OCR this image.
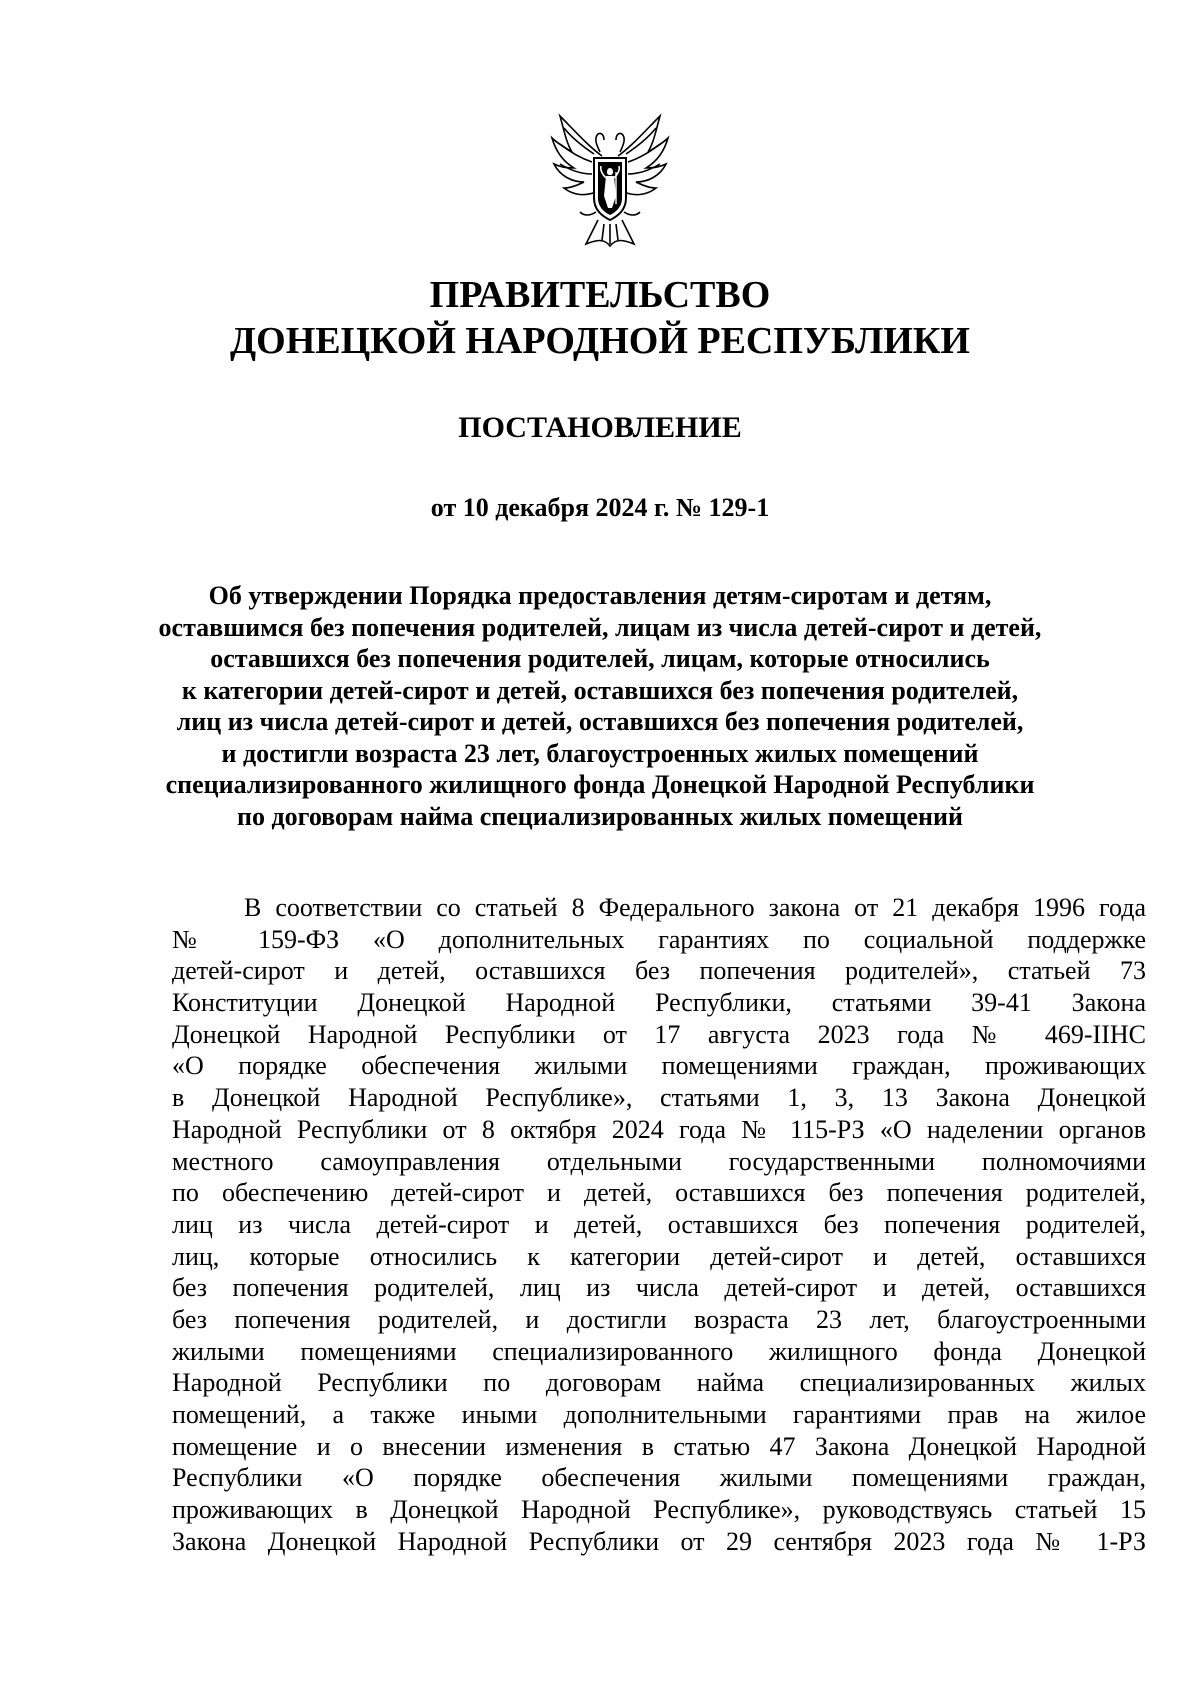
ПРАВИТЕЛЬСТВО
ДОНЕЦКОЙ НАРОДНОЙ РЕСПУБЛИКИ
ПОСТАНОВЛЕНИЕ

от 10 декабря 2024 г. № 129-1

Об утверждении Порядка предоставления детям-сиротам и детям,
оставшимся без попечения родителей, лицам из числа детей-сирот и детей,
оставшихся без попечения родителей, лицам, которые относились
к категории детей-сирот и детей, оставшихся без попечения родителей,
лиц из числа детей-сирот и детей, оставшихся без попечения родителей,
и достигли возраста 23 лет, благоустроенных жилых помещений
специализированного жилищного фонда Донецкой Народной Республики
по договорам найма специализированных жилых помещений

В соответствии со статьей 8 Федерального закона от 21 декабря 1996 года
№ 159-ФЗ «О дополнительных гарантиях по социальной поддержке
детей-сирот и детей, оставшихся без попечения родителей», статьей 73
Конституции Донецкой Народной Республики, статьями 39-41 Закона
Донецкой Народной Республики от 17 августа 2023 года № 469-IIНС
«О порядке обеспечения жилыми помещениями граждан, проживающих
в Донецкой Народной Республике», статьями 1, 3, 13 Закона Донецкой
Народной Республики от 8 октября 2024 года № 115-РЗ «О наделении органов
местного самоуправления отдельными государственными полномочиями
по обеспечению детей-сирот и детей, оставшихся без попечения родителей,
лиц из числа детей-сирот и детей, оставшихся без попечения родителей,
лиц, которые относились к категории детей-сирот и детей, оставшихся
без попечения родителей, лиц из числа детей-сирот и детей, оставшихся
без попечения родителей, и достигли возраста 23 лет, благоустроенными
жилыми помещениями специализированного жилищного фонда Донецкой
Народной Республики по договорам найма специализированных жилых
помещений, а также иными дополнительными гарантиями прав на жилое
помещение и о внесении изменения в статью 47 Закона Донецкой Народной
Республики «О порядке обеспечения жилыми помещениями граждан,
проживающих в Донецкой Народной Республике», руководствуясь статьей 15
Закона Донецкой Народной Республики от 29 сентября 2023 года № 1-РЗ
